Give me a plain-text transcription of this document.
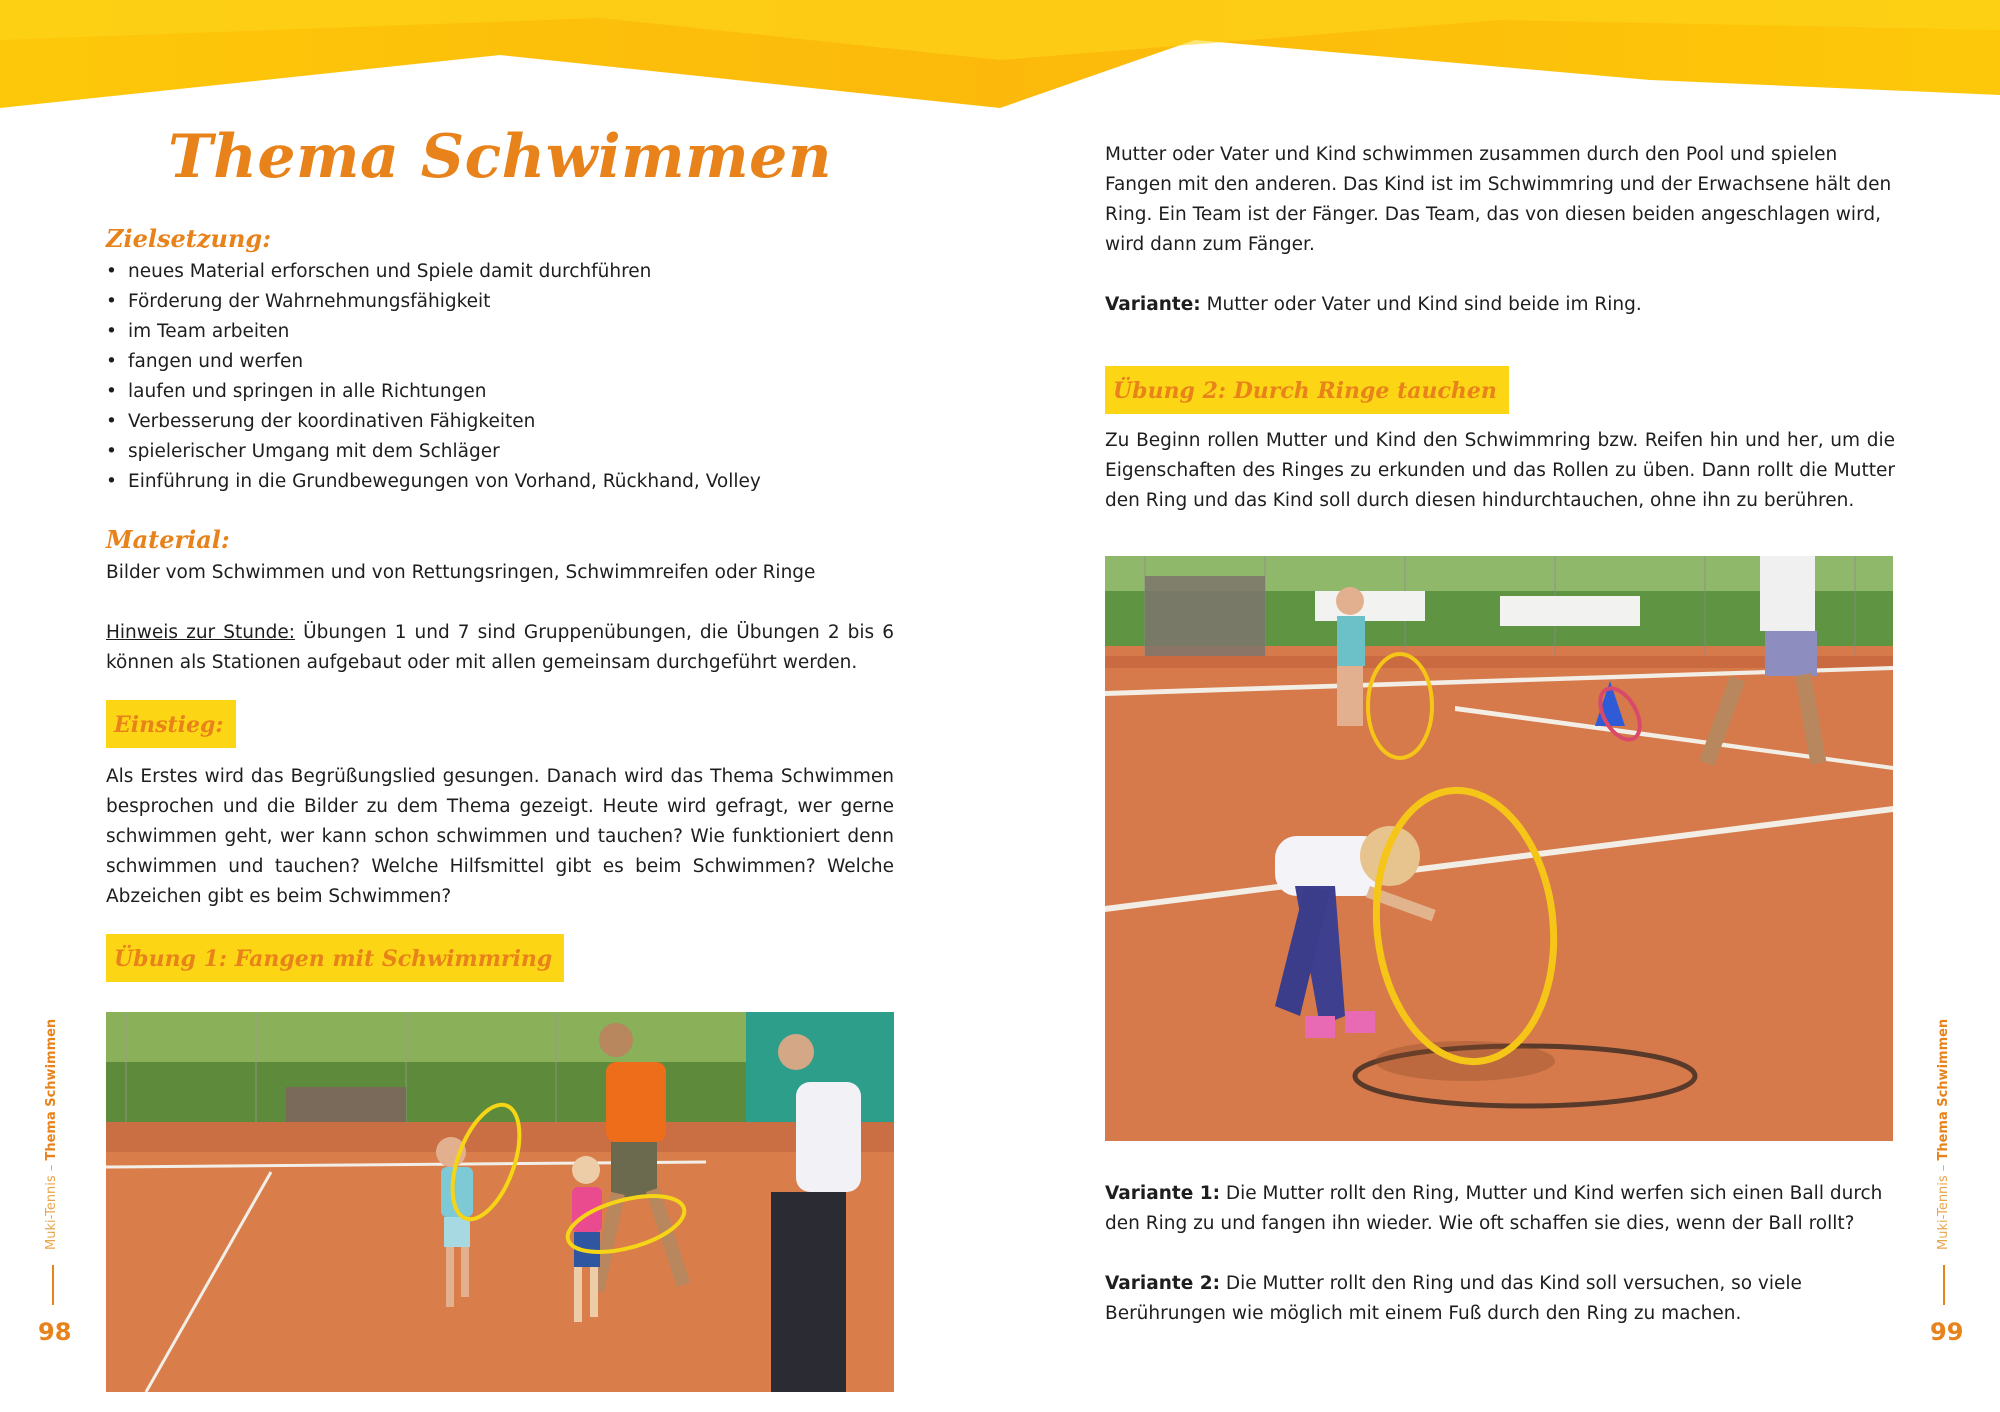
Thema Schwimmen
Zielsetzung:
• neues Material erforschen und Spiele damit durchführen
• Förderung der Wahrnehmungsfähigkeit
• im Team arbeiten
• fangen und werfen
• laufen und springen in alle Richtungen
• Verbesserung der koordinativen Fähigkeiten
• spielerischer Umgang mit dem Schläger
• Einführung in die Grundbewegungen von Vorhand, Rückhand, Volley
Material:

Bilder vom Schwimmen und von Rettungsringen, Schwimmreifen oder Ringe

Hinweis zur Stunde: Übungen 1 und 7 sind Gruppenübungen, die Übungen 2 bis 6 können als Stationen aufgebaut oder mit allen gemeinsam durchgeführt werden.

Einstieg:

Als Erstes wird das Begrüßungslied gesungen. Danach wird das Thema Schwimmen besprochen und die Bilder zu dem Thema gezeigt. Heute wird gefragt, wer gerne schwimmen geht, wer kann schon schwimmen und tauchen? Wie funktioniert denn schwimmen und tauchen? Welche Hilfsmittel gibt es beim Schwimmen? Welche Abzeichen gibt es beim Schwimmen?

Übung 1: Fangen mit Schwimmring

Mutter oder Vater und Kind schwimmen zusammen durch den Pool und spielen Fangen mit den anderen. Das Kind ist im Schwimmring und der Erwachsene hält den Ring. Ein Team ist der Fänger. Das Team, das von diesen beiden angeschlagen wird, wird dann zum Fänger.

Variante: Mutter oder Vater und Kind sind beide im Ring.

Übung 2: Durch Ringe tauchen

Zu Beginn rollen Mutter und Kind den Schwimmring bzw. Reifen hin und her, um die Eigenschaften des Ringes zu erkunden und das Rollen zu üben. Dann rollt die Mutter den Ring und das Kind soll durch diesen hindurchtauchen, ohne ihn zu berühren.

Variante 1: Die Mutter rollt den Ring, Mutter und Kind werfen sich einen Ball durch den Ring zu und fangen ihn wieder. Wie oft schaffen sie dies, wenn der Ball rollt?

Variante 2: Die Mutter rollt den Ring und das Kind soll versuchen, so viele Berührungen wie möglich mit einem Fuß durch den Ring zu machen.

Muki-Tennis – Thema Schwimmen
98
Muki-Tennis – Thema Schwimmen
99
